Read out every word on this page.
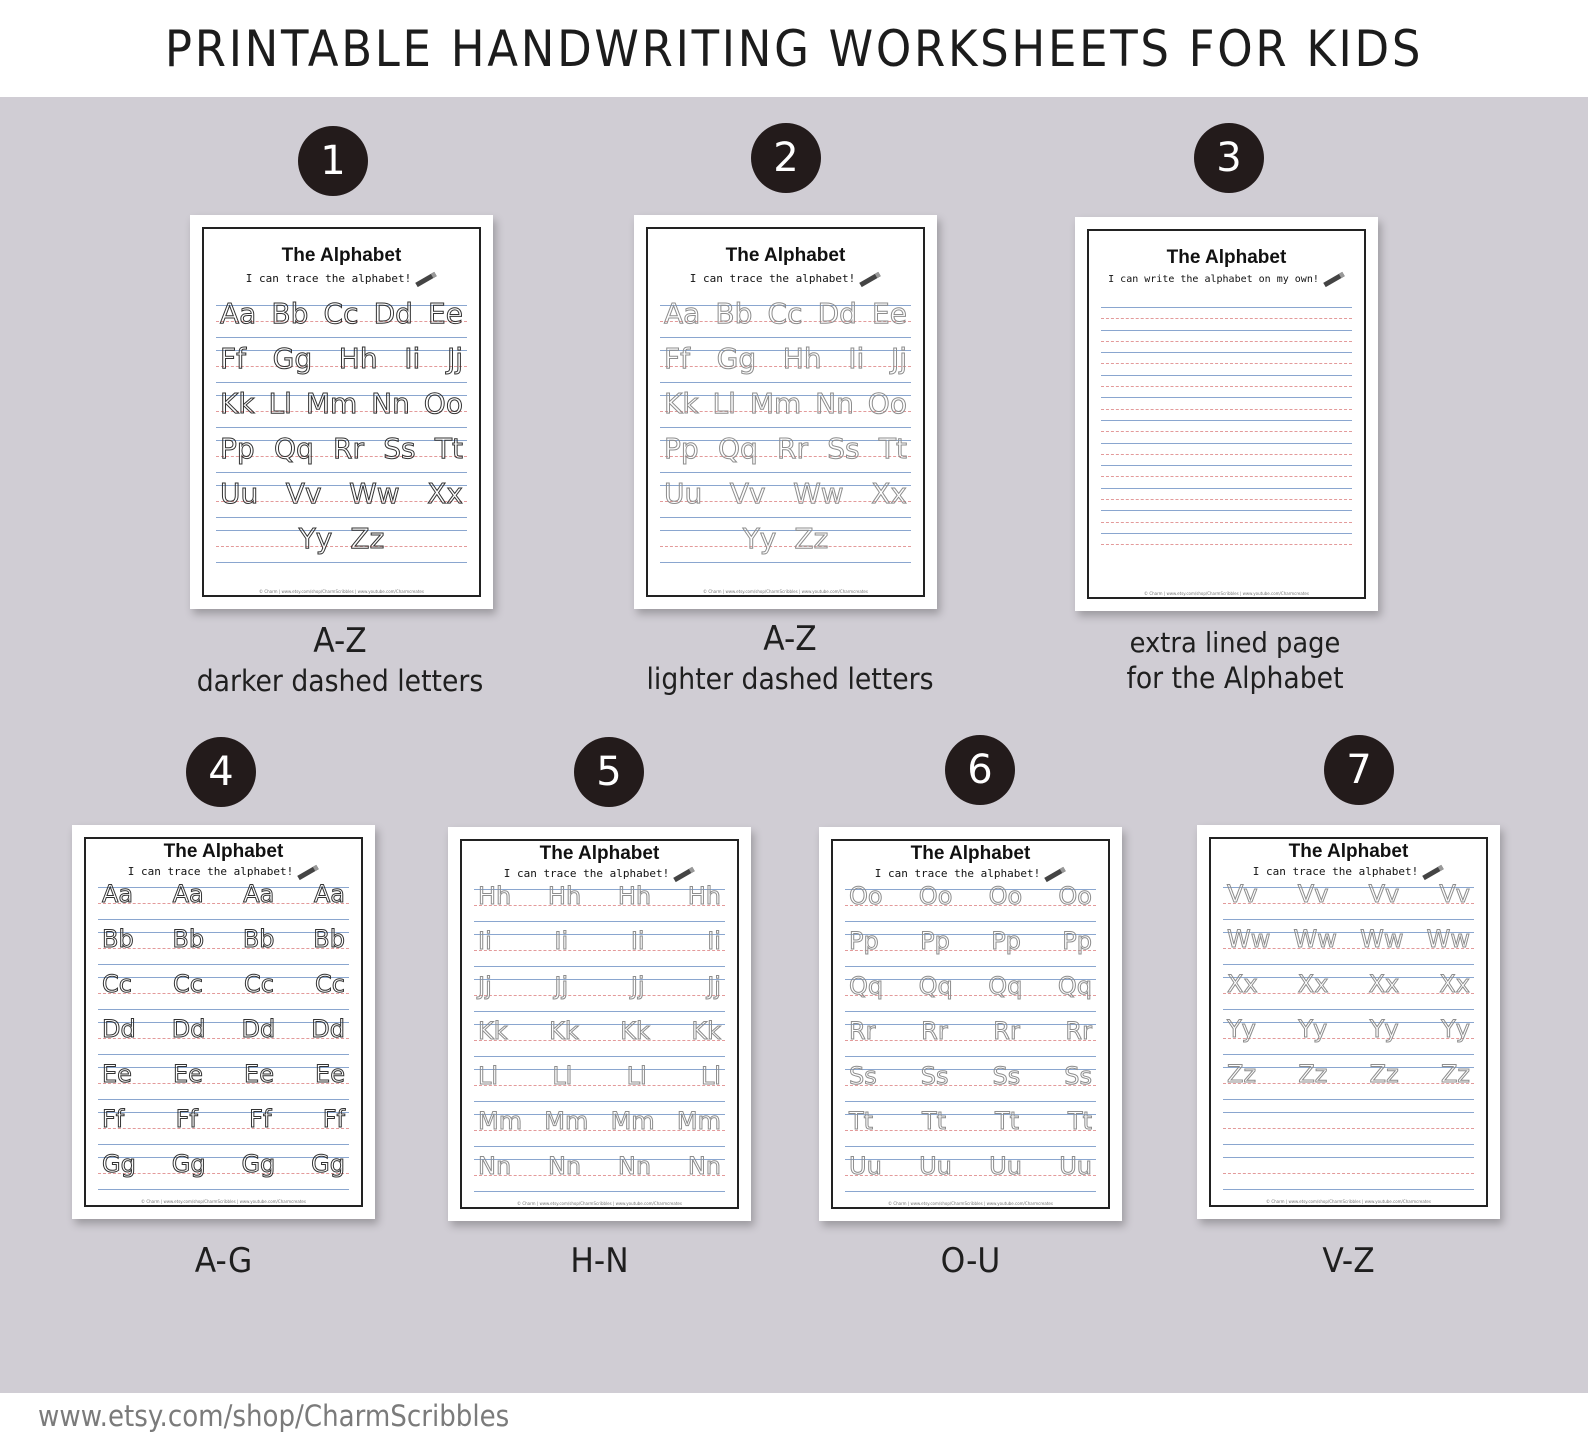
PRINTABLE HANDWRITING WORKSHEETS FOR KIDS
1
The Alphabet
I can trace the alphabet!
Aa Bb Cc Dd Ee
Ff Gg Hh Ii Jj
Kk Ll Mm Nn Oo
Pp Qq Rr Ss Tt
Uu Vv Ww Xx
Yy Zz
© Charm | www.etsy.com/shop/CharmScribbles | www.youtube.com/Charmcreates
A-Z
darker dashed letters
2
The Alphabet
I can trace the alphabet!
Aa Bb Cc Dd Ee
Ff Gg Hh Ii Jj
Kk Ll Mm Nn Oo
Pp Qq Rr Ss Tt
Uu Vv Ww Xx
Yy Zz
© Charm | www.etsy.com/shop/CharmScribbles | www.youtube.com/Charmcreates
A-Z
lighter dashed letters
3
The Alphabet
I can write the alphabet on my own!
© Charm | www.etsy.com/shop/CharmScribbles | www.youtube.com/Charmcreates
extra lined page
for the Alphabet
4
The Alphabet
I can trace the alphabet!
Aa Aa Aa Aa
Bb Bb Bb Bb
Cc Cc Cc Cc
Dd Dd Dd Dd
Ee Ee Ee Ee
Ff Ff Ff Ff
Gg Gg Gg Gg
© Charm | www.etsy.com/shop/CharmScribbles | www.youtube.com/Charmcreates
A-G
5
The Alphabet
I can trace the alphabet!
Hh Hh Hh Hh
Ii	Ii	Ii	Ii
Jj	Jj	Jj	Jj
Kk Kk Kk Kk
Ll Ll Ll Ll
Mm Mm Mm Mm
Nn Nn Nn Nn
© Charm | www.etsy.com/shop/CharmScribbles | www.youtube.com/Charmcreates
H-N
6
The Alphabet
I can trace the alphabet!
Oo Oo Oo Oo
Pp Pp Pp Pp
Qq Qq Qq Qq
Rr Rr Rr Rr
Ss Ss Ss Ss
Tt Tt Tt Tt
Uu Uu Uu Uu
© Charm | www.etsy.com/shop/CharmScribbles | www.youtube.com/Charmcreates
O-U
7
The Alphabet
I can trace the alphabet!
Vv Vv Vv Vv
Ww Ww Ww Ww
Xx Xx Xx Xx
Yy Yy Yy Yy
Zz Zz Zz Zz
© Charm | www.etsy.com/shop/CharmScribbles | www.youtube.com/Charmcreates
V-Z
www.etsy.com/shop/CharmScribbles
